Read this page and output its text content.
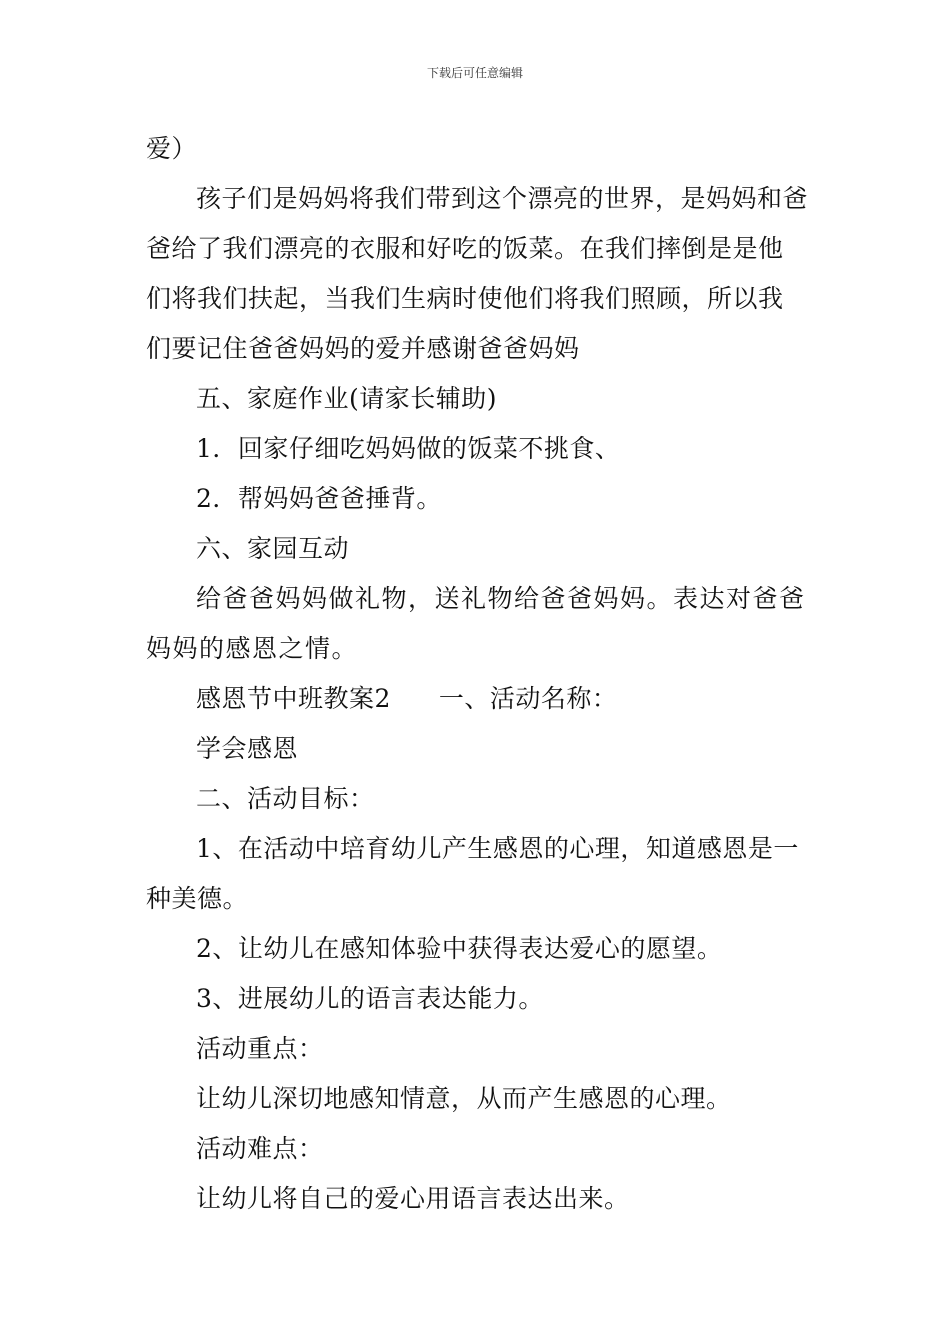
下载后可任意编辑

爱）

孩子们是妈妈将我们带到这个漂亮的世界，是妈妈和爸爸给了我们漂亮的衣服和好吃的饭菜。在我们摔倒是是他们将我们扶起，当我们生病时使他们将我们照顾，所以我们要记住爸爸妈妈的爱并感谢爸爸妈妈

五、家庭作业(请家长辅助)

1．回家仔细吃妈妈做的饭菜不挑食、

2．帮妈妈爸爸捶背。

六、家园互动

给爸爸妈妈做礼物，送礼物给爸爸妈妈。表达对爸爸妈妈的感恩之情。

感恩节中班教案2 一、活动名称：

学会感恩

二、活动目标：

1、在活动中培育幼儿产生感恩的心理，知道感恩是一种美德。

2、让幼儿在感知体验中获得表达爱心的愿望。

3、进展幼儿的语言表达能力。

活动重点：

让幼儿深切地感知情意，从而产生感恩的心理。

活动难点：

让幼儿将自己的爱心用语言表达出来。
